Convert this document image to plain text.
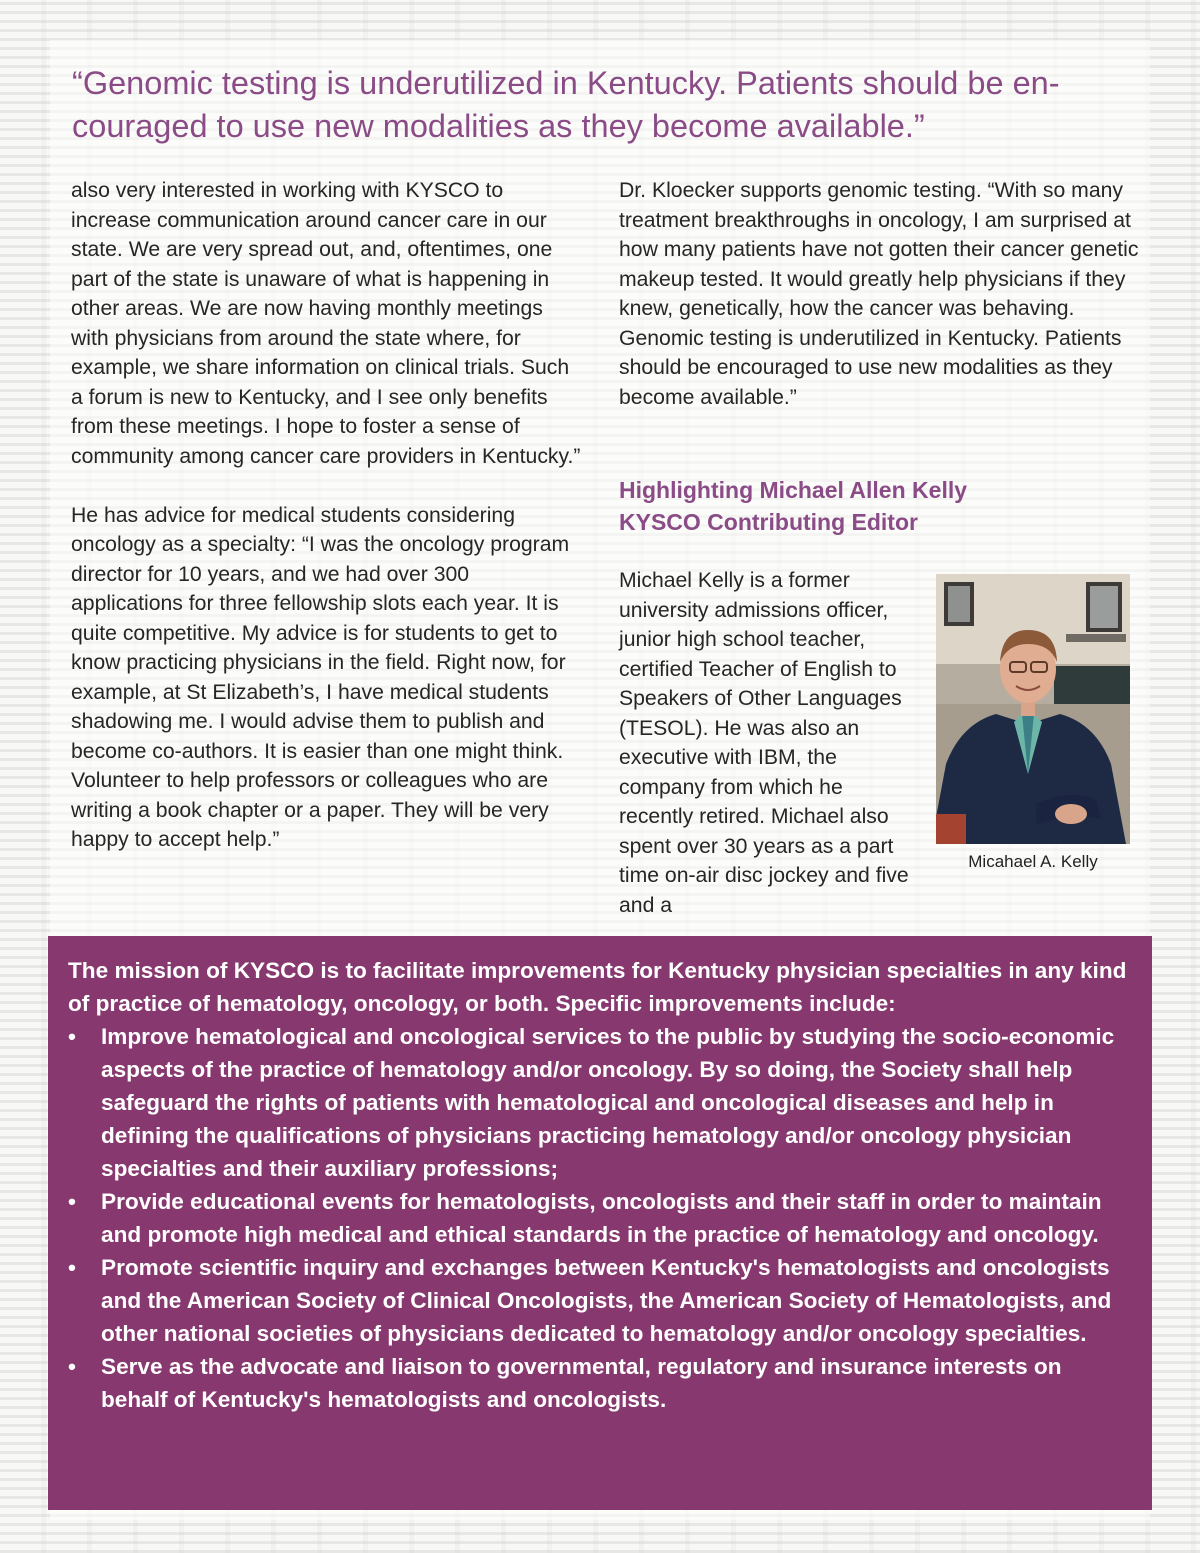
“Genomic testing is underutilized in Kentucky. Patients should be en-
couraged to use new modalities as they become available.”

also very interested in working with KYSCO to increase communication around cancer care in our state. We are very spread out, and, oftentimes, one part of the state is unaware of what is happening in other areas. We are now having monthly meetings with physicians from around the state where, for example, we share information on clinical trials. Such a forum is new to Kentucky, and I see only benefits from these meetings. I hope to foster a sense of community among cancer care providers in Kentucky.”

He has advice for medical students considering oncology as a specialty: “I was the oncology program director for 10 years, and we had over 300 applications for three fellowship slots each year. It is quite competitive. My advice is for students to get to know practicing physicians in the field. Right now, for example, at St Elizabeth’s, I have medical students shadowing me. I would advise them to publish and become co-authors. It is easier than one might think. Volunteer to help professors or colleagues who are writing a book chapter or a paper. They will be very happy to accept help.”

Dr. Kloecker supports genomic testing. “With so many treatment breakthroughs in oncology, I am surprised at how many patients have not gotten their cancer genetic makeup tested. It would greatly help physicians if they knew, genetically, how the cancer was behaving. Genomic testing is underutilized in Kentucky. Patients should be encouraged to use new modalities as they become available.”

Highlighting Michael Allen Kelly
KYSCO Contributing Editor

Michael Kelly is a former university admissions officer, junior high school teacher, certified Teacher of English to Speakers of Other Languages (TESOL). He was also an executive with IBM, the company from which he recently retired. Michael also spent over 30 years as a part time on-air disc jockey and five and a

Micahael A. Kelly

The mission of KYSCO is to facilitate improvements for Kentucky physician specialties in any kind of practice of hematology, oncology, or both. Specific improvements include:

• Improve hematological and oncological services to the public by studying the socio-economic aspects of the practice of hematology and/or oncology. By so doing, the Society shall help safeguard the rights of patients with hematological and oncological diseases and help in defining the qualifications of physicians practicing hematology and/or oncology physician specialties and their auxiliary professions;
• Provide educational events for hematologists, oncologists and their staff in order to maintain and promote high medical and ethical standards in the practice of hematology and oncology.
• Promote scientific inquiry and exchanges between Kentucky's hematologists and oncologists and the American Society of Clinical Oncologists, the American Society of Hematologists, and other national societies of physicians dedicated to hematology and/or oncology specialties.
• Serve as the advocate and liaison to governmental, regulatory and insurance interests on behalf of Kentucky's hematologists and oncologists.
